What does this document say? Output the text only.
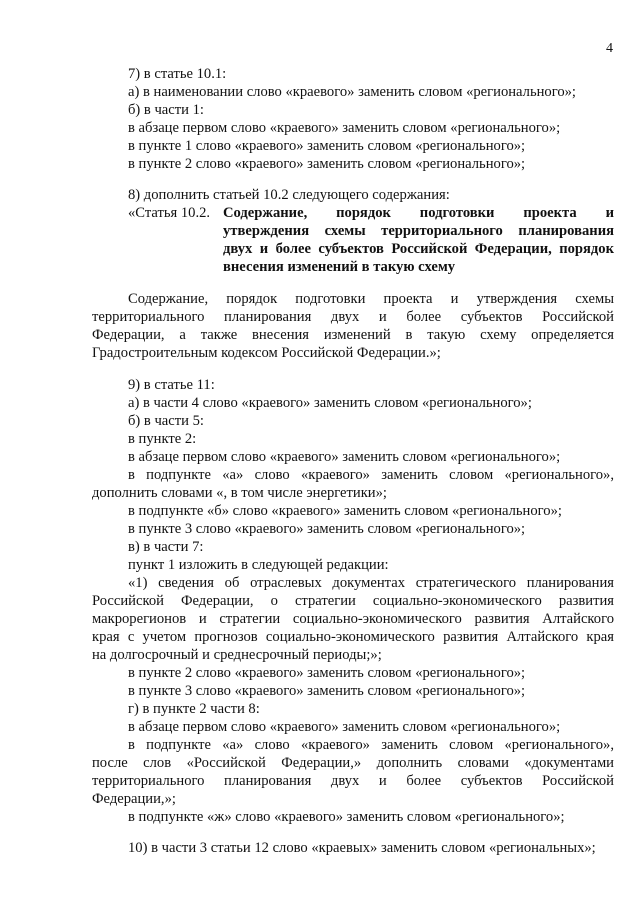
4
7) в статье 10.1:
а) в наименовании слово «краевого» заменить словом «регионального»;
б) в части 1:
в абзаце первом слово «краевого» заменить словом «регионального»;
в пункте 1 слово «краевого» заменить словом «регионального»;
в пункте 2 слово «краевого» заменить словом «регионального»;
8) дополнить статьей 10.2 следующего содержания:
«Статья 10.2. Содержание, порядок подготовки проекта и
утверждения схемы территориального планирования
двух и более субъектов Российской Федерации, порядок
внесения изменений в такую схему
Содержание, порядок подготовки проекта и утверждения схемы
территориального планирования двух и более субъектов Российской
Федерации, а также внесения изменений в такую схему определяется
Градостроительным кодексом Российской Федерации.»;
9) в статье 11:
а) в части 4 слово «краевого» заменить словом «регионального»;
б) в части 5:
в пункте 2:
в абзаце первом слово «краевого» заменить словом «регионального»;
в подпункте «а» слово «краевого» заменить словом «регионального»,
дополнить словами «, в том числе энергетики»;
в подпункте «б» слово «краевого» заменить словом «регионального»;
в пункте 3 слово «краевого» заменить словом «регионального»;
в) в части 7:
пункт 1 изложить в следующей редакции:
«1) сведения об отраслевых документах стратегического планирования
Российской Федерации, о стратегии социально-экономического развития
макрорегионов и стратегии социально-экономического развития Алтайского
края с учетом прогнозов социально-экономического развития Алтайского края
на долгосрочный и среднесрочный периоды;»;
в пункте 2 слово «краевого» заменить словом «регионального»;
в пункте 3 слово «краевого» заменить словом «регионального»;
г) в пункте 2 части 8:
в абзаце первом слово «краевого» заменить словом «регионального»;
в подпункте «а» слово «краевого» заменить словом «регионального»,
после слов «Российской Федерации,» дополнить словами «документами
территориального планирования двух и более субъектов Российской
Федерации,»;
в подпункте «ж» слово «краевого» заменить словом «регионального»;
10) в части 3 статьи 12 слово «краевых» заменить словом «региональных»;
